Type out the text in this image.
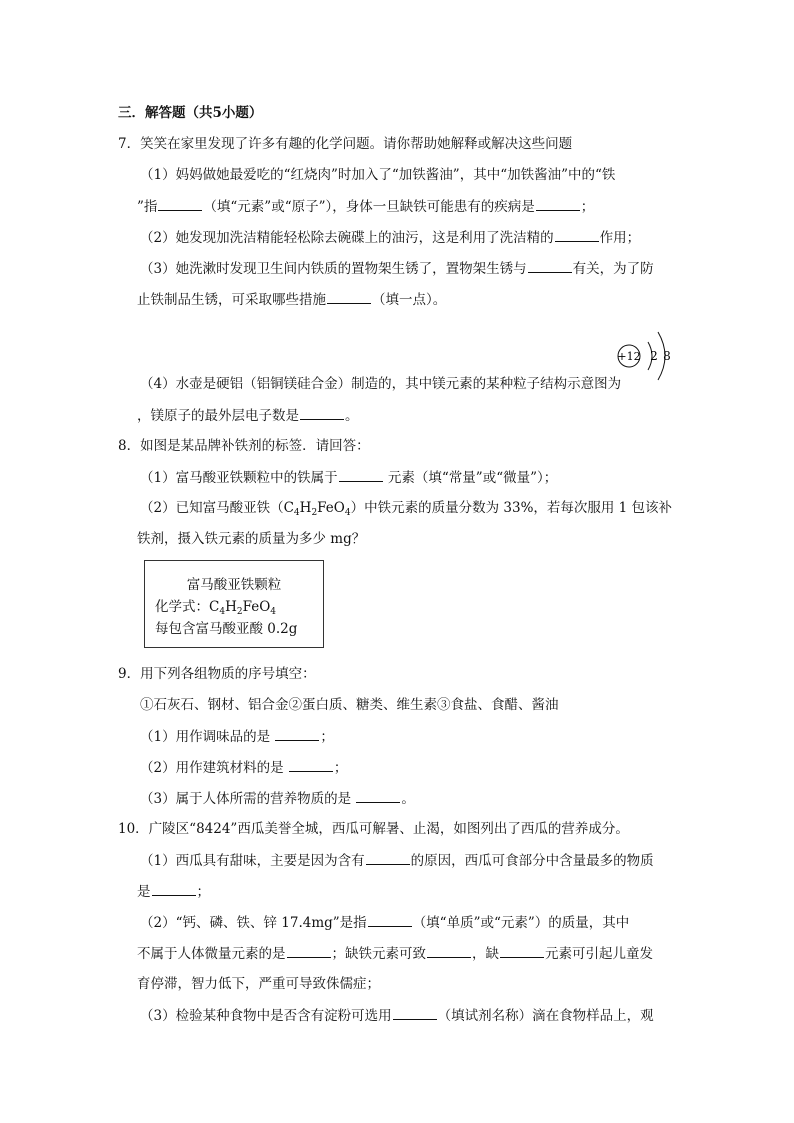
三．解答题（共5小题）
7．笑笑在家里发现了许多有趣的化学问题。请你帮助她解释或解决这些问题
（1）妈妈做她最爱吃的“红烧肉”时加入了“加铁酱油”，其中“加铁酱油”中的“铁
”指	（填“元素”或“原子”），身体一旦缺铁可能患有的疾病是	；
（2）她发现加洗洁精能轻松除去碗碟上的油污，这是利用了洗洁精的	作用；
（3）她洗漱时发现卫生间内铁质的置物架生锈了，置物架生锈与	有关，为了防
止铁制品生锈，可采取哪些措施	（填一点）。
+12 2 8
（4）水壶是硬铝（铝铜镁硅合金）制造的，其中镁元素的某种粒子结构示意图为
，镁原子的最外层电子数是	。
8．如图是某品牌补铁剂的标签．请回答：
（1）富马酸亚铁颗粒中的铁属于	元素（填“常量”或“微量”）；
（2）已知富马酸亚铁$(C_4H_2FeO_4)$中铁元素的质量分数为 33%，若每次服用 1 包该补
铁剂，摄入铁元素的质量为多少 mg？
富马酸亚铁颗粒
化学式：$C_4H_2FeO_4$
每包含富马酸亚酸 0.2g
9．用下列各组物质的序号填空：
①石灰石、钢材、铝合金②蛋白质、糖类、维生素③食盐、食醋、酱油
（1）用作调味品的是	；
（2）用作建筑材料的是	；
（3）属于人体所需的营养物质的是	。
10．广陵区“8424”西瓜美誉全城，西瓜可解暑、止渴，如图列出了西瓜的营养成分。
（1）西瓜具有甜味，主要是因为含有	的原因，西瓜可食部分中含量最多的物质
是	；
（2）“钙、磷、铁、锌 17.4mg”是指	（填“单质”或“元素”）的质量，其中
不属于人体微量元素的是	；缺铁元素可致	，缺	元素可引起儿童发
育停滞，智力低下，严重可导致侏儒症；
（3）检验某种食物中是否含有淀粉可选用	（填试剂名称）滴在食物样品上，观
